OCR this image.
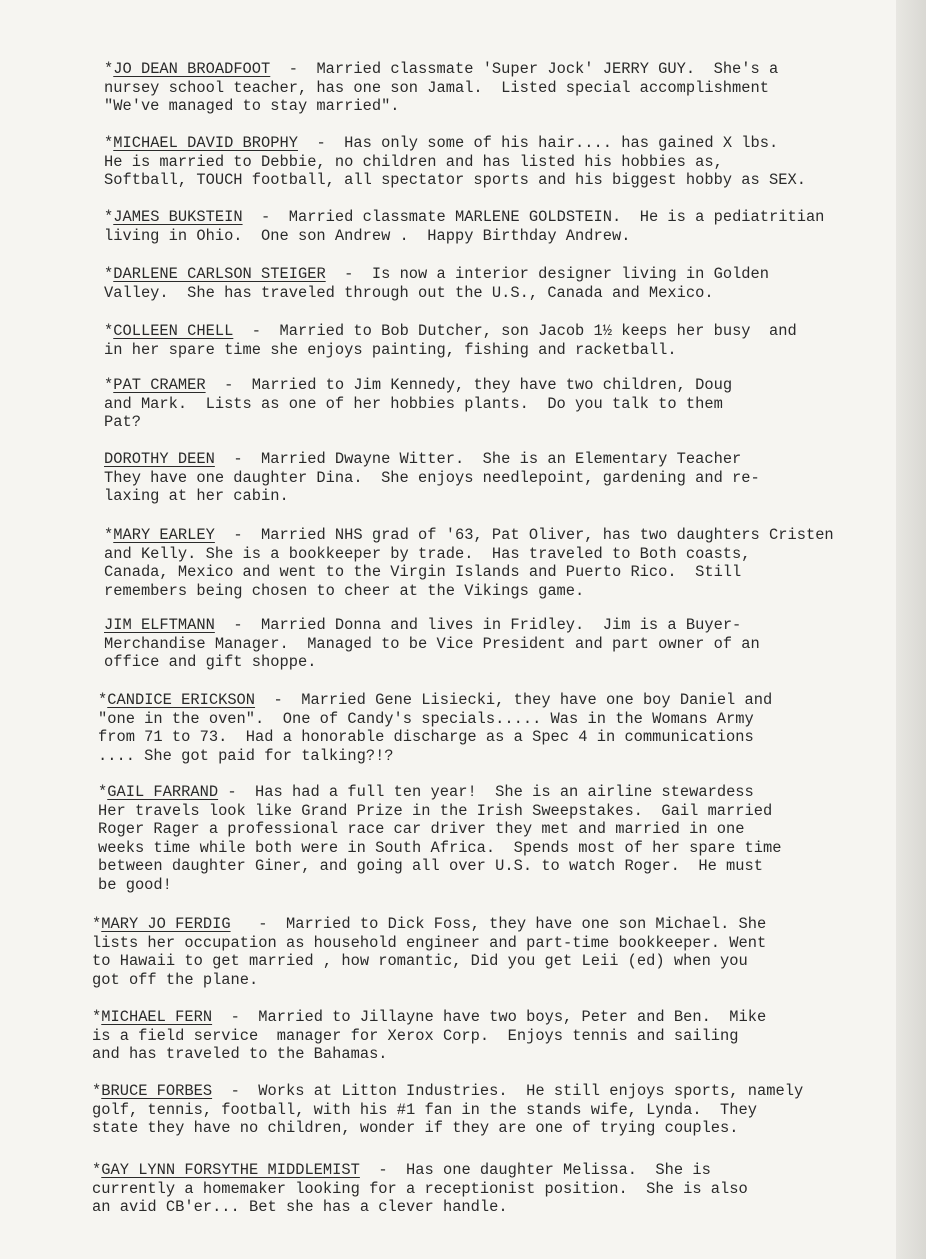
*JO DEAN BROADFOOT  -  Married classmate 'Super Jock' JERRY GUY.  She's a
nursey school teacher, has one son Jamal.  Listed special accomplishment
"We've managed to stay married".

*MICHAEL DAVID BROPHY  -  Has only some of his hair.... has gained X lbs.
He is married to Debbie, no children and has listed his hobbies as,
Softball, TOUCH football, all spectator sports and his biggest hobby as SEX.

*JAMES BUKSTEIN  -  Married classmate MARLENE GOLDSTEIN.  He is a pediatritian
living in Ohio.  One son Andrew .  Happy Birthday Andrew.

*DARLENE CARLSON STEIGER  -  Is now a interior designer living in Golden
Valley.  She has traveled through out the U.S., Canada and Mexico.

*COLLEEN CHELL  -  Married to Bob Dutcher, son Jacob 1½ keeps her busy  and
in her spare time she enjoys painting, fishing and racketball.

*PAT CRAMER  -  Married to Jim Kennedy, they have two children, Doug
and Mark.  Lists as one of her hobbies plants.  Do you talk to them
Pat?

DOROTHY DEEN  -  Married Dwayne Witter.  She is an Elementary Teacher
They have one daughter Dina.  She enjoys needlepoint, gardening and re-
laxing at her cabin.

*MARY EARLEY  -  Married NHS grad of '63, Pat Oliver, has two daughters Cristen
and Kelly. She is a bookkeeper by trade.  Has traveled to Both coasts,
Canada, Mexico and went to the Virgin Islands and Puerto Rico.  Still
remembers being chosen to cheer at the Vikings game.

JIM ELFTMANN  -  Married Donna and lives in Fridley.  Jim is a Buyer-
Merchandise Manager.  Managed to be Vice President and part owner of an
office and gift shoppe.

*CANDICE ERICKSON  -  Married Gene Lisiecki, they have one boy Daniel and
"one in the oven".  One of Candy's specials..... Was in the Womans Army
from 71 to 73.  Had a honorable discharge as a Spec 4 in communications
.... She got paid for talking?!?

*GAIL FARRAND -  Has had a full ten year!  She is an airline stewardess
Her travels look like Grand Prize in the Irish Sweepstakes.  Gail married
Roger Rager a professional race car driver they met and married in one
weeks time while both were in South Africa.  Spends most of her spare time
between daughter Giner, and going all over U.S. to watch Roger.  He must
be good!

*MARY JO FERDIG   -  Married to Dick Foss, they have one son Michael. She
lists her occupation as household engineer and part-time bookkeeper. Went
to Hawaii to get married , how romantic, Did you get Leii (ed) when you
got off the plane.

*MICHAEL FERN  -  Married to Jillayne have two boys, Peter and Ben.  Mike
is a field service  manager for Xerox Corp.  Enjoys tennis and sailing
and has traveled to the Bahamas.

*BRUCE FORBES  -  Works at Litton Industries.  He still enjoys sports, namely
golf, tennis, football, with his #1 fan in the stands wife, Lynda.  They
state they have no children, wonder if they are one of trying couples.

*GAY LYNN FORSYTHE MIDDLEMIST  -  Has one daughter Melissa.  She is
currently a homemaker looking for a receptionist position.  She is also
an avid CB'er... Bet she has a clever handle.
